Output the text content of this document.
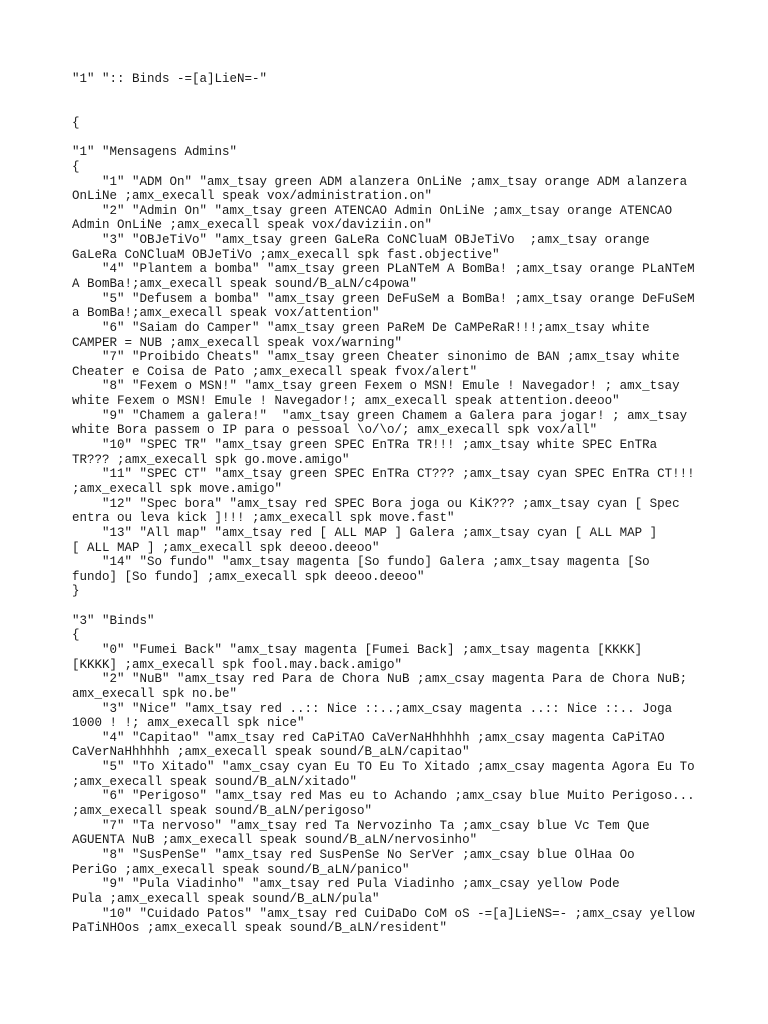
"1" ":: Binds -=[a]LieN=-"
{
"1" "Mensagens Admins"
{
"1" "ADM On" "amx_tsay green ADM alanzera OnLiNe ;amx_tsay orange ADM alanzera
OnLiNe ;amx_execall speak vox/administration.on"
"2" "Admin On" "amx_tsay green ATENCAO Admin OnLiNe ;amx_tsay orange ATENCAO
Admin OnLiNe ;amx_execall speak vox/daviziin.on"
"3" "OBJeTiVo" "amx_tsay green GaLeRa CoNCluaM OBJeTiVo  ;amx_tsay orange
GaLeRa CoNCluaM OBJeTiVo ;amx_execall spk fast.objective"
"4" "Plantem a bomba" "amx_tsay green PLaNTeM A BomBa! ;amx_tsay orange PLaNTeM
A BomBa!;amx_execall speak sound/B_aLN/c4powa"
"5" "Defusem a bomba" "amx_tsay green DeFuSeM a BomBa! ;amx_tsay orange DeFuSeM
a BomBa!;amx_execall speak vox/attention"
"6" "Saiam do Camper" "amx_tsay green PaReM De CaMPeRaR!!!;amx_tsay white
CAMPER = NUB ;amx_execall speak vox/warning"
"7" "Proibido Cheats" "amx_tsay green Cheater sinonimo de BAN ;amx_tsay white
Cheater e Coisa de Pato ;amx_execall speak fvox/alert"
"8" "Fexem o MSN!" "amx_tsay green Fexem o MSN! Emule ! Navegador! ; amx_tsay
white Fexem o MSN! Emule ! Navegador!; amx_execall speak attention.deeoo"
"9" "Chamem a galera!"  "amx_tsay green Chamem a Galera para jogar! ; amx_tsay
white Bora passem o IP para o pessoal \o/\o/; amx_execall spk vox/all"
"10" "SPEC TR" "amx_tsay green SPEC EnTRa TR!!! ;amx_tsay white SPEC EnTRa
TR??? ;amx_execall spk go.move.amigo"
"11" "SPEC CT" "amx_tsay green SPEC EnTRa CT??? ;amx_tsay cyan SPEC EnTRa CT!!!
;amx_execall spk move.amigo"
"12" "Spec bora" "amx_tsay red SPEC Bora joga ou KiK??? ;amx_tsay cyan [ Spec
entra ou leva kick ]!!! ;amx_execall spk move.fast"
"13" "All map" "amx_tsay red [ ALL MAP ] Galera ;amx_tsay cyan [ ALL MAP ]
[ ALL MAP ] ;amx_execall spk deeoo.deeoo"
"14" "So fundo" "amx_tsay magenta [So fundo] Galera ;amx_tsay magenta [So
fundo] [So fundo] ;amx_execall spk deeoo.deeoo"
}
"3" "Binds"
{
"0" "Fumei Back" "amx_tsay magenta [Fumei Back] ;amx_tsay magenta [KKKK]
[KKKK] ;amx_execall spk fool.may.back.amigo"
"2" "NuB" "amx_tsay red Para de Chora NuB ;amx_csay magenta Para de Chora NuB;
amx_execall spk no.be"
"3" "Nice" "amx_tsay red ..:: Nice ::..;amx_csay magenta ..:: Nice ::.. Joga
1000 ! !; amx_execall spk nice"
"4" "Capitao" "amx_tsay red CaPiTAO CaVerNaHhhhhh ;amx_csay magenta CaPiTAO
CaVerNaHhhhhh ;amx_execall speak sound/B_aLN/capitao"
"5" "To Xitado" "amx_csay cyan Eu TO Eu To Xitado ;amx_csay magenta Agora Eu To
;amx_execall speak sound/B_aLN/xitado"
"6" "Perigoso" "amx_tsay red Mas eu to Achando ;amx_csay blue Muito Perigoso...
;amx_execall speak sound/B_aLN/perigoso"
"7" "Ta nervoso" "amx_tsay red Ta Nervozinho Ta ;amx_csay blue Vc Tem Que
AGUENTA NuB ;amx_execall speak sound/B_aLN/nervosinho"
"8" "SusPenSe" "amx_tsay red SusPenSe No SerVer ;amx_csay blue OlHaa Oo
PeriGo ;amx_execall speak sound/B_aLN/panico"
"9" "Pula Viadinho" "amx_tsay red Pula Viadinho ;amx_csay yellow Pode
Pula ;amx_execall speak sound/B_aLN/pula"
"10" "Cuidado Patos" "amx_tsay red CuiDaDo CoM oS -=[a]LieNS=- ;amx_csay yellow
PaTiNHOos ;amx_execall speak sound/B_aLN/resident"
